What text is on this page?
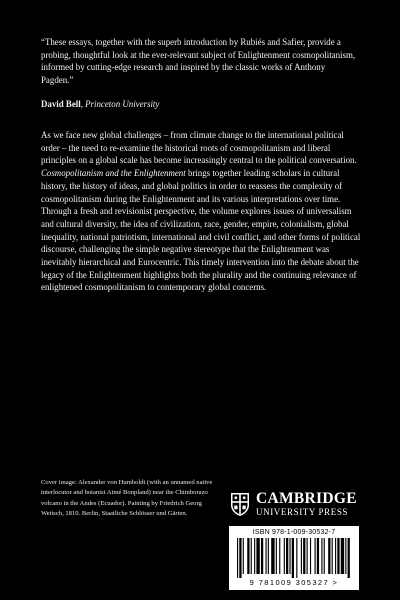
“These essays, together with the superb introduction by Rubiés and Safier, provide a probing, thoughtful look at the ever-relevant subject of Enlightenment cosmopolitanism, informed by cutting-edge research and inspired by the classic works of Anthony Pagden.”

David Bell, Princeton University

As we face new global challenges – from climate change to the international political order – the need to re-examine the historical roots of cosmopolitanism and liberal principles on a global scale has become increasingly central to the political conversation. Cosmopolitanism and the Enlightenment brings together leading scholars in cultural history, the history of ideas, and global politics in order to reassess the complexity of cosmopolitanism during the Enlightenment and its various interpretations over time. Through a fresh and revisionist perspective, the volume explores issues of universalism and cultural diversity, the idea of civilization, race, gender, empire, colonialism, global inequality, national patriotism, international and civil conflict, and other forms of political discourse, challenging the simple negative stereotype that the Enlightenment was inevitably hierarchical and Eurocentric. This timely intervention into the debate about the legacy of the Enlightenment highlights both the plurality and the continuing relevance of enlightened cosmopolitanism to contemporary global concerns.

Cover image: Alexander von Humboldt (with an unnamed native interlocutor and botanist Aimé Bonpland) near the Chimborazo volcano in the Andes (Ecuador). Painting by Friedrich Georg Weitsch, 1810. Berlin, Staatliche Schlösser und Gärten.

CAMBRIDGE
UNIVERSITY PRESS
ISBN 978-1-009-30532-7
9 781009 305327 >
